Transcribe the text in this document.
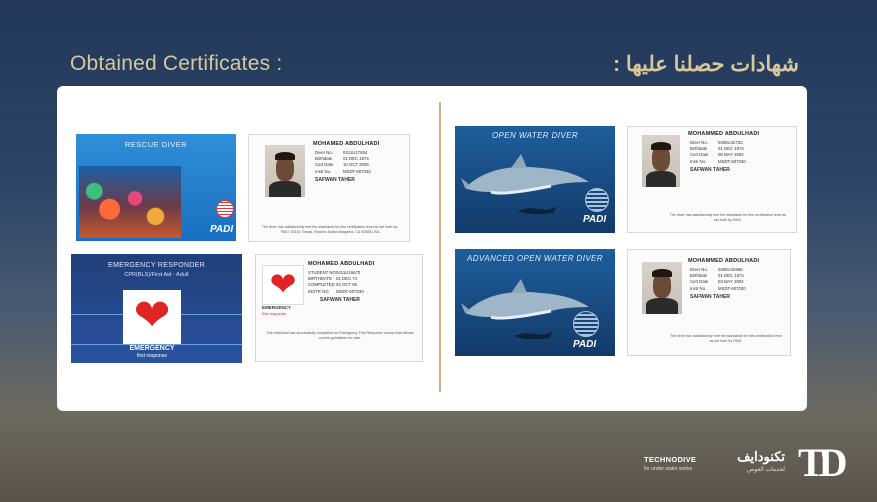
Obtained Certificates :	شهادات حصلنا عليها :
RESCUE DIVER
PADI
MOHAMED ABDULHADI
Diver No. 0411U17934
Birthdate	01 DEC 1974
Cert Date 10 OCT 2006
Instr No.	MSDT-607030
SAFWAN TAHER
The diver has satisfactorily met the standards for this certification level as set forth by: PADI, 30151 Tomas, Rancho Santa Margarita, CA 92688 USA
EMERGENCY RESPONDER
CPR(BLS)/First Aid - Adult
❤
EMERGENCY
first response
❤
EMERGENCY
first response
MOHAMED ABDULHADI
STUDENT NO0411U16670
BIRTHDATE 01 DEC 74
COMPLETED04 OCT 06
INSTR NO MSDT-607030
SAFWAN TAHER
The individual has successfully completed an Emergency First Response course that follows current guidelines for care.
OPEN WATER DIVER
PADI
MOHAMMED ABDULHADI
Diver No. 0405U42732
Birthdate	01 DEC 1974
Cert Date 05 MAY 2004
Instr No.	MSDT-607030
SAFWAN TAHER
The diver has satisfactorily met the standards for this certification level as set forth by PADI.
ADVANCED OPEN WATER DIVER
PADI
MOHAMMED ABDULHADI
Diver No. 0405U42666
Birthdate	01 DEC 1974
Cert Date 03 MAY 2004
Instr No.	MSDT-607030
SAFWAN TAHER
The diver has satisfactorily met the standards for this certification level as set forth by PADI.
تكنودايف
TECHNODIVE
for under water works	لخدمات الغوص TD
